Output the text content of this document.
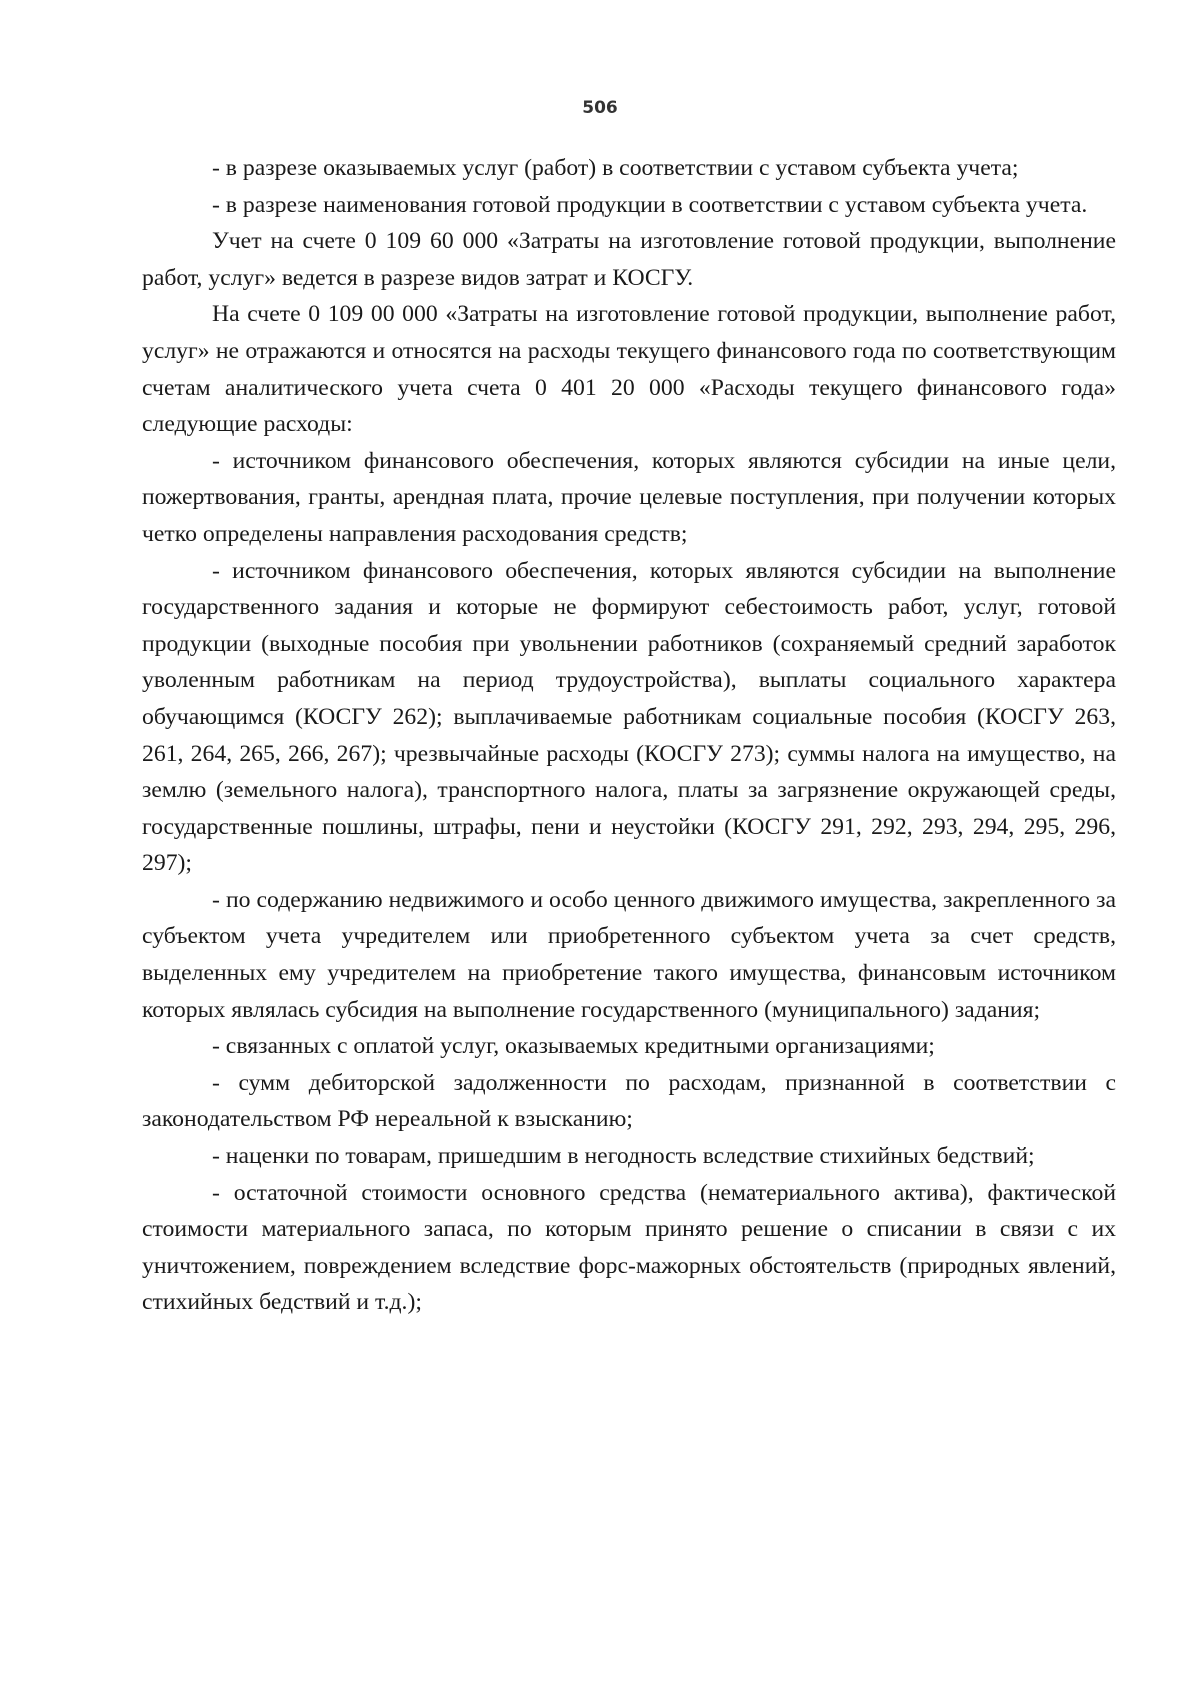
506

- в разрезе оказываемых услуг (работ) в соответствии с уставом субъекта учета;

- в разрезе наименования готовой продукции в соответствии с уставом субъекта учета.

Учет на счете 0 109 60 000 «Затраты на изготовление готовой продукции, выполнение работ, услуг» ведется в разрезе видов затрат и КОСГУ.

На счете 0 109 00 000 «Затраты на изготовление готовой продукции, выполнение работ, услуг» не отражаются и относятся на расходы текущего финансового года по соответствующим счетам аналитического учета счета 0 401 20 000 «Расходы текущего финансового года» следующие расходы:

- источником финансового обеспечения, которых являются субсидии на иные цели, пожертвования, гранты, арендная плата, прочие целевые поступления, при получении которых четко определены направления расходования средств;

- источником финансового обеспечения, которых являются субсидии на выполнение государственного задания и которые не формируют себестоимость работ, услуг, готовой продукции (выходные пособия при увольнении работников (сохраняемый средний заработок уволенным работникам на период трудоустройства), выплаты социального характера обучающимся (КОСГУ 262); выплачиваемые работникам социальные пособия (КОСГУ 263, 261, 264, 265, 266, 267); чрезвычайные расходы (КОСГУ 273); суммы налога на имущество, на землю (земельного налога), транспортного налога, платы за загрязнение окружающей среды, государственные пошлины, штрафы, пени и неустойки (КОСГУ 291, 292, 293, 294, 295, 296, 297);

- по содержанию недвижимого и особо ценного движимого имущества, закрепленного за субъектом учета учредителем или приобретенного субъектом учета за счет средств, выделенных ему учредителем на приобретение такого имущества, финансовым источником которых являлась субсидия на выполнение государственного (муниципального) задания;

- связанных с оплатой услуг, оказываемых кредитными организациями;

- сумм дебиторской задолженности по расходам, признанной в соответствии с законодательством РФ нереальной к взысканию;

- наценки по товарам, пришедшим в негодность вследствие стихийных бедствий;

- остаточной стоимости основного средства (нематериального актива), фактической стоимости материального запаса, по которым принято решение о списании в связи с их уничтожением, повреждением вследствие форс-мажорных обстоятельств (природных явлений, стихийных бедствий и т.д.);
